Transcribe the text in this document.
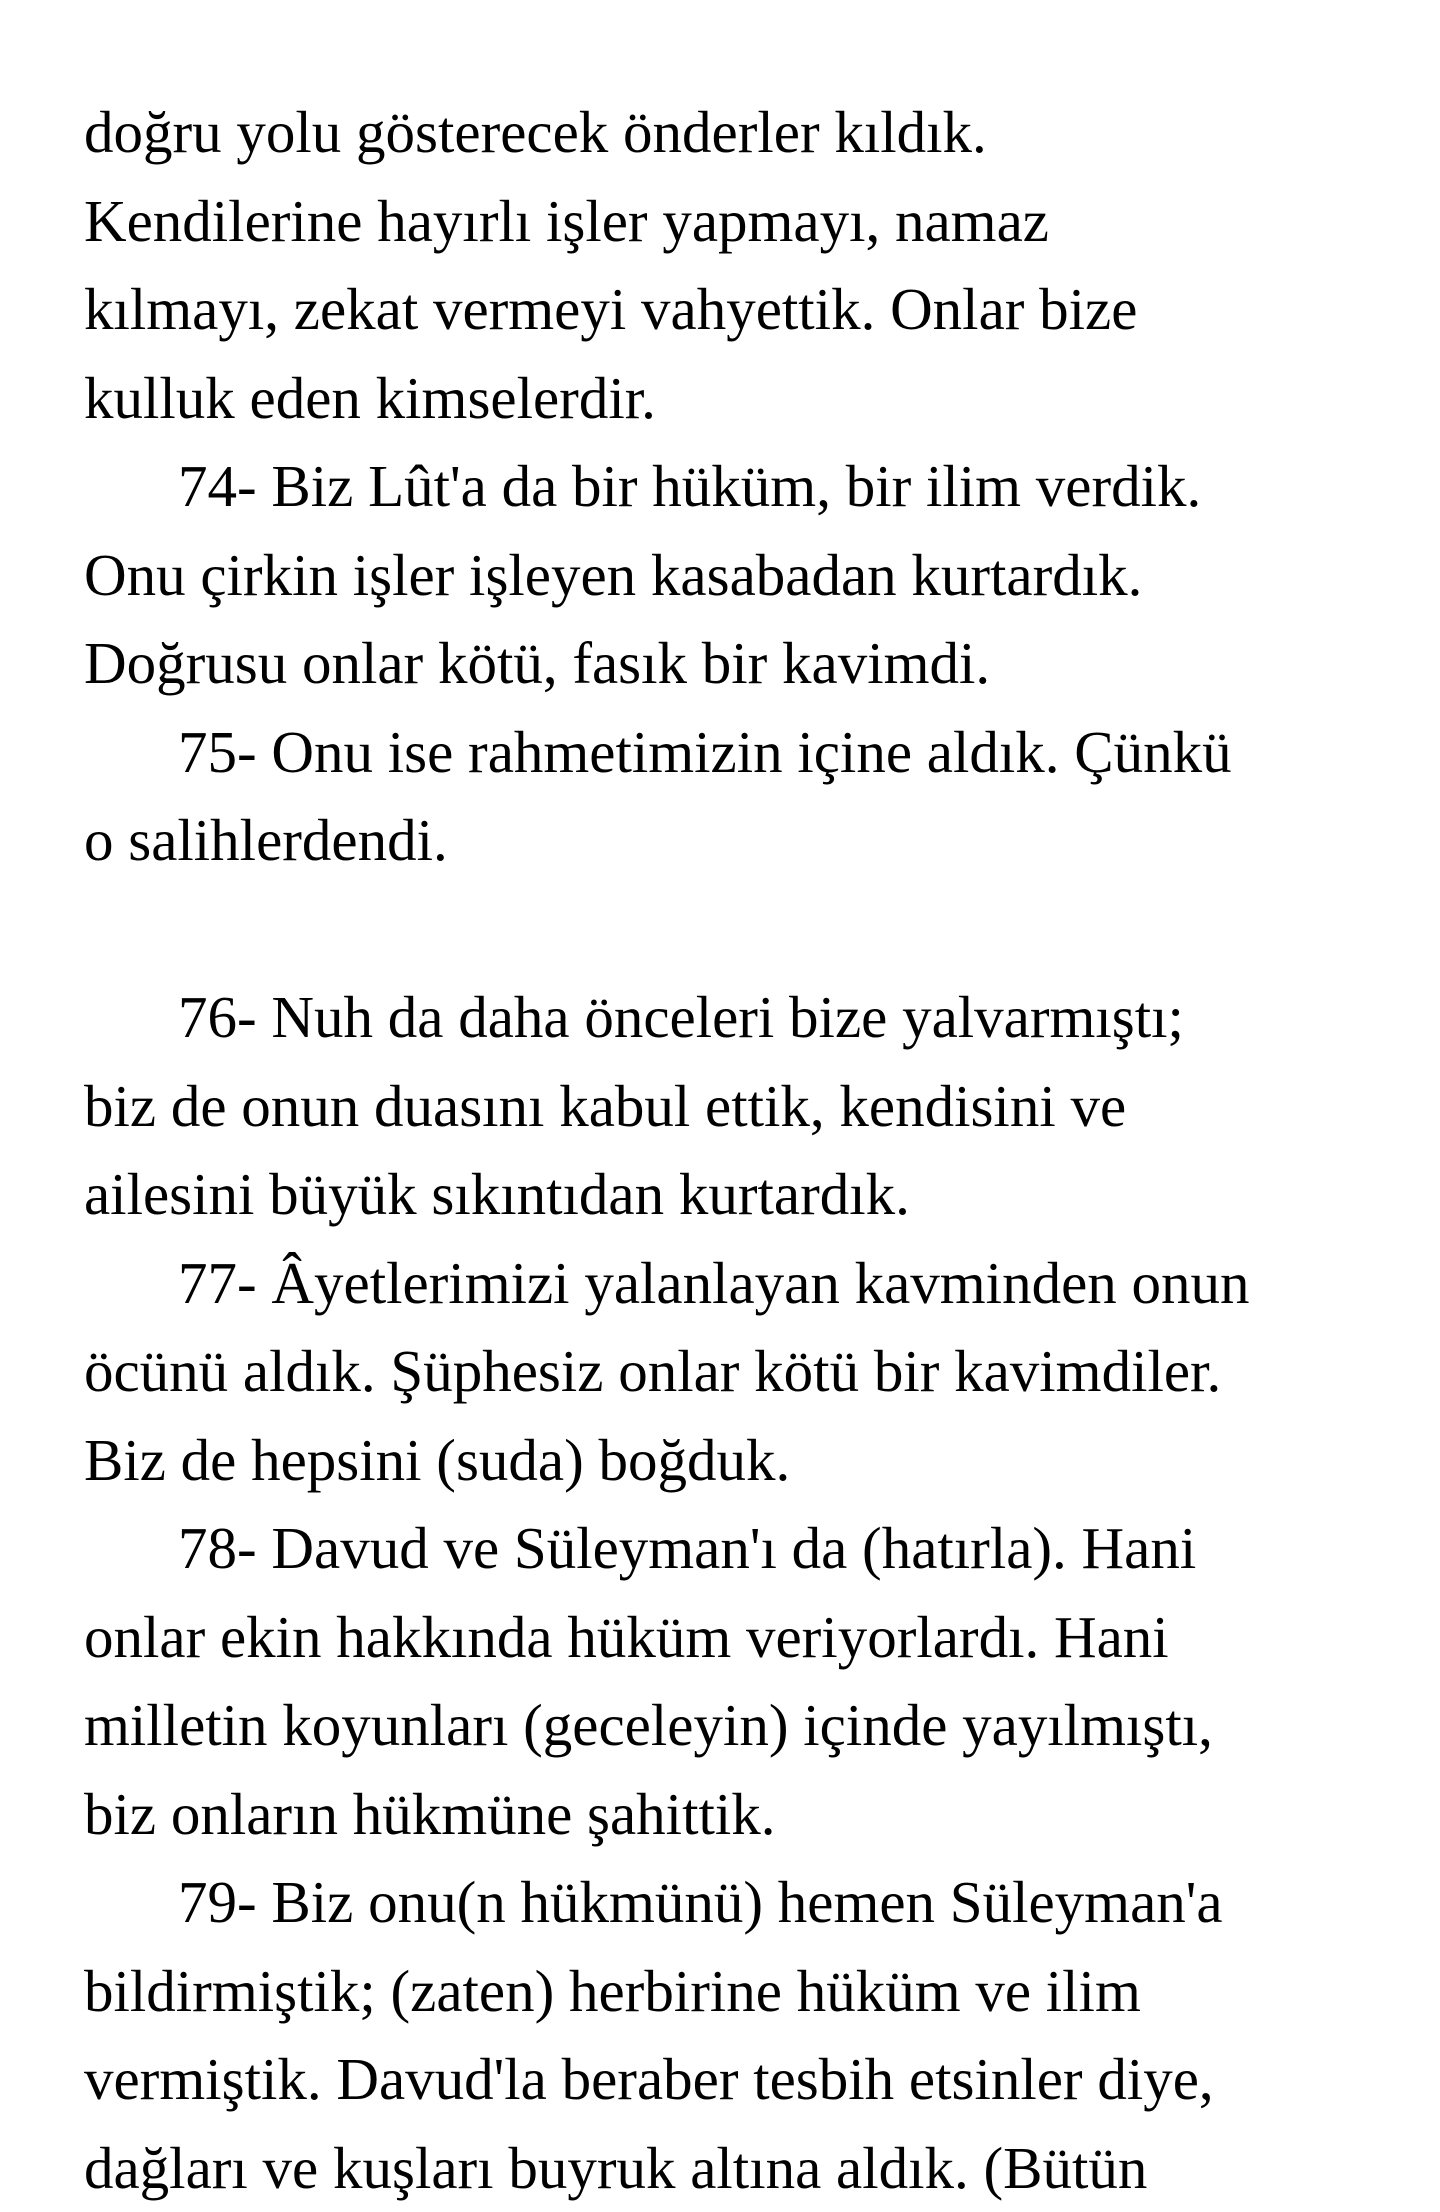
doğru yolu gösterecek önderler kıldık.
Kendilerine hayırlı işler yapmayı, namaz
kılmayı, zekat vermeyi vahyettik. Onlar bize
kulluk eden kimselerdir.
74- Biz Lût'a da bir hüküm, bir ilim verdik.
Onu çirkin işler işleyen kasabadan kurtardık.
Doğrusu onlar kötü, fasık bir kavimdi.
75- Onu ise rahmetimizin içine aldık. Çünkü
o salihlerdendi.
76- Nuh da daha önceleri bize yalvarmıştı;
biz de onun duasını kabul ettik, kendisini ve
ailesini büyük sıkıntıdan kurtardık.
77- Âyetlerimizi yalanlayan kavminden onun
öcünü aldık. Şüphesiz onlar kötü bir kavimdiler.
Biz de hepsini (suda) boğduk.
78- Davud ve Süleyman'ı da (hatırla). Hani
onlar ekin hakkında hüküm veriyorlardı. Hani
milletin koyunları (geceleyin) içinde yayılmıştı,
biz onların hükmüne şahittik.
79- Biz onu(n hükmünü) hemen Süleyman'a
bildirmiştik; (zaten) herbirine hüküm ve ilim
vermiştik. Davud'la beraber tesbih etsinler diye,
dağları ve kuşları buyruk altına aldık. (Bütün
